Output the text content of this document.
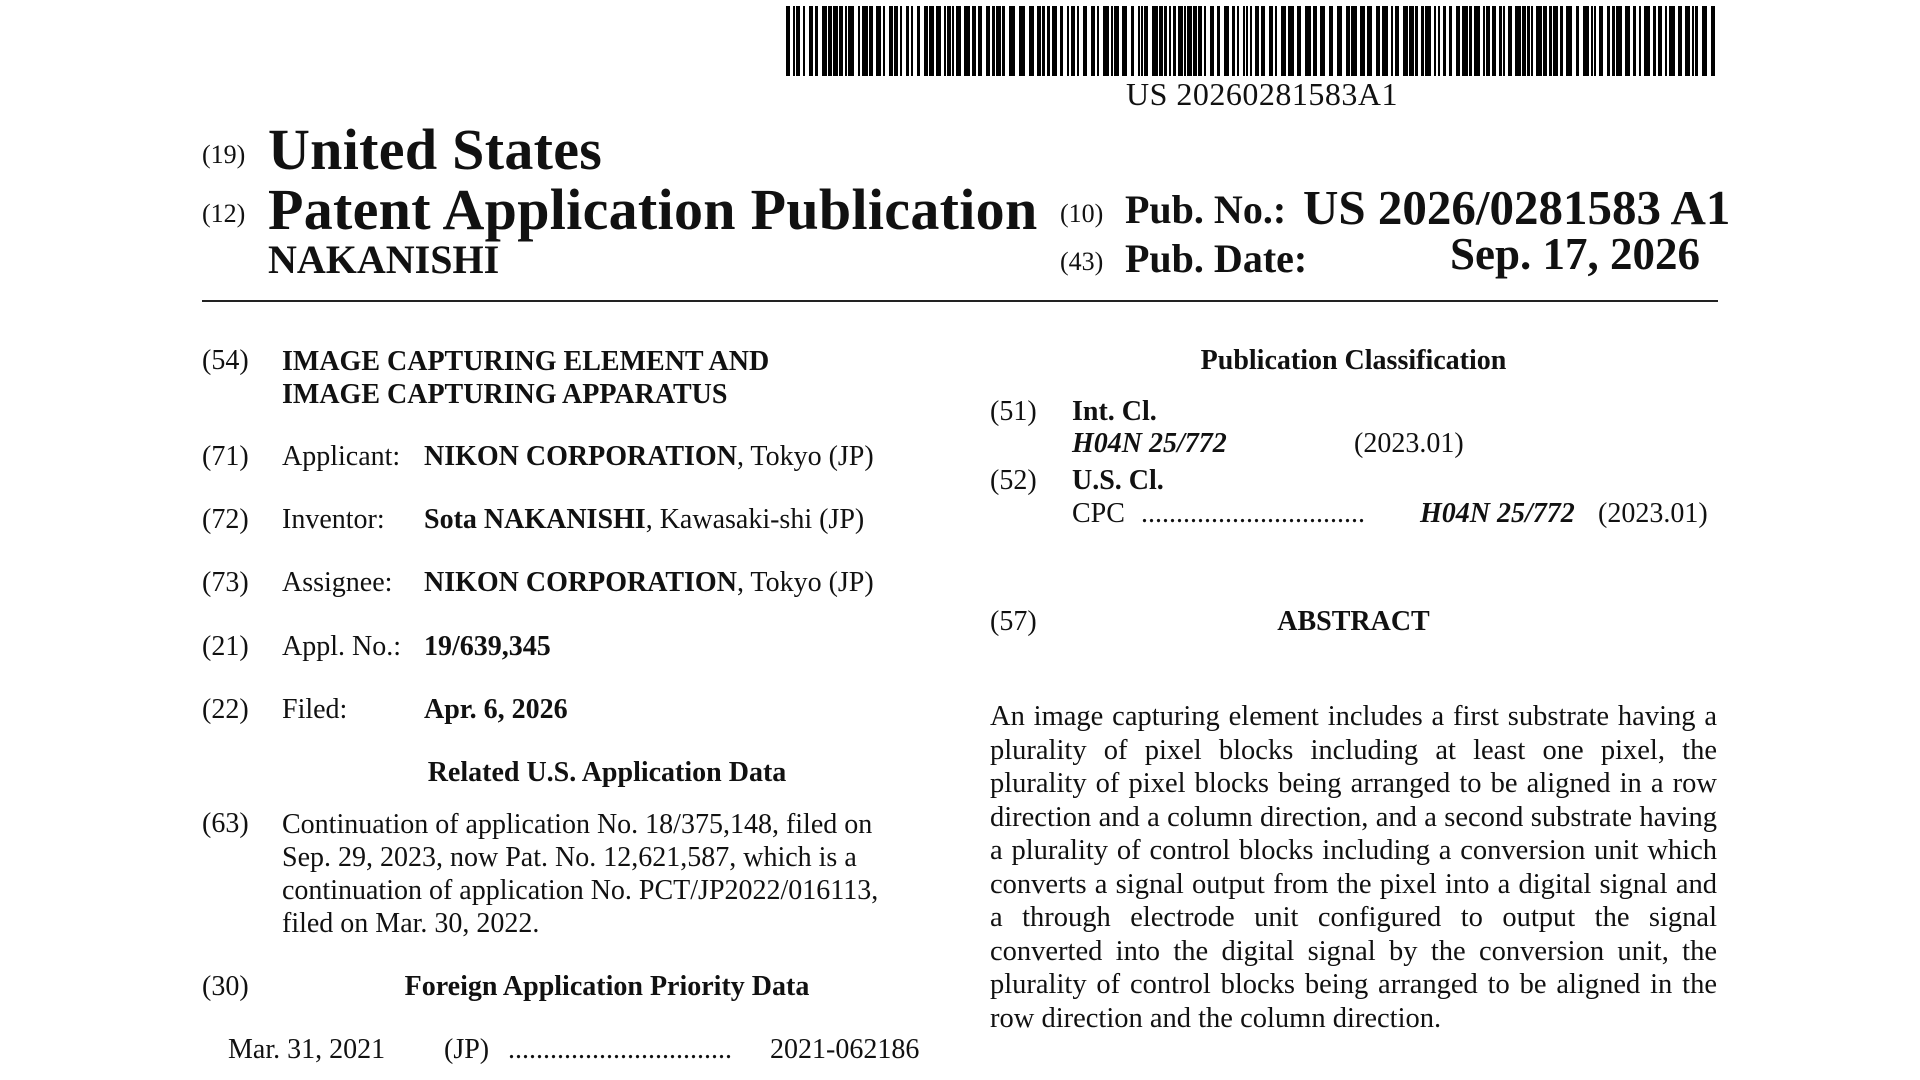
US 20260281583A1
(19) United States
(12) Patent Application Publication
NAKANISHI
(10) Pub. No.: US 2026/0281583 A1
(43) Pub. Date:	Sep. 17, 2026
(54) IMAGE CAPTURING ELEMENT AND
IMAGE CAPTURING APPARATUS
(71) Applicant: NIKON CORPORATION, Tokyo (JP)
(72) Inventor: Sota NAKANISHI, Kawasaki-shi (JP)
(73) Assignee: NIKON CORPORATION, Tokyo (JP)
(21) Appl. No.: 19/639,345
(22) Filed:	Apr. 6, 2026
Related U.S. Application Data
(63) Continuation of application No. 18/375,148, filed on
Sep. 29, 2023, now Pat. No. 12,621,587, which is a
continuation of application No. PCT/JP2022/016113,
filed on Mar. 30, 2022.
(30)	Foreign Application Priority Data
Mar. 31, 2021 (JP) ................................ 2021-062186
Publication Classification
(51) Int. Cl.
H04N 25/772	(2023.01)
(52) U.S. Cl.
CPC ................................ H04N 25/772 (2023.01)
(57)	ABSTRACT
An image capturing element includes a first substrate having a plurality of pixel blocks including at least one pixel, the plurality of pixel blocks being arranged to be aligned in a row direction and a column direction, and a second substrate having a plurality of control blocks including a conversion unit which converts a signal output from the pixel into a digital signal and a through electrode unit configured to output the signal converted into the digital signal by the conversion unit, the plurality of control blocks being arranged to be aligned in the row direction and the column direction.
